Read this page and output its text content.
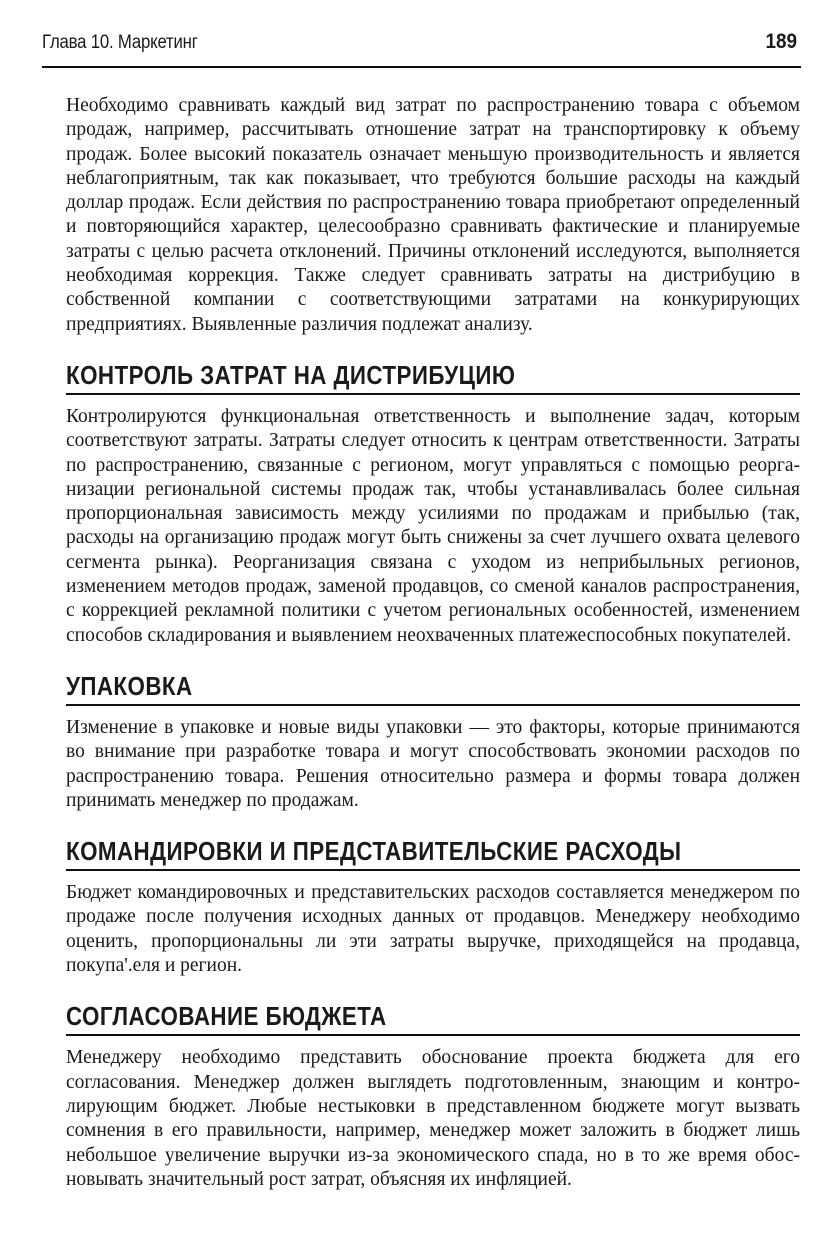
Глава 10. Маркетинг	189

Необходимо сравнивать каждый вид затрат по распространению товара с объемом продаж, например, рассчитывать отношение затрат на транспортировку к объему продаж. Более высокий показатель означает меньшую производительность и является неблагоприятным, так как показывает, что требуются большие расходы на каждый доллар продаж. Если действия по распространению товара приобретают определенный и повторяющийся характер, целесообразно сравнивать фактические и планируемые затраты с целью расчета отклонений. Причины отклонений исследуются, выполняется необходимая коррекция. Также следует сравнивать затраты на дистрибуцию в собственной компании с соответствующими затратами на конкурирующих предприятиях. Выявленные различия подлежат анализу.

КОНТРОЛЬ ЗАТРАТ НА ДИСТРИБУЦИЮ

Контролируются функциональная ответственность и выполнение задач, которым соответствуют затраты. Затраты следует относить к центрам ответственности. Затраты по распространению, связанные с регионом, могут управляться с помощью реорганизации региональной системы продаж так, чтобы устанавливалась более сильная пропорциональная зависимость между усилиями по продажам и прибылью (так, расходы на организацию продаж могут быть снижены за счет лучшего охвата целевого сегмента рынка). Реорганизация связана с уходом из неприбыльных регионов, изменением методов продаж, заменой продавцов, со сменой каналов распространения, с коррекцией рекламной политики с учетом региональных особенностей, изменением способов складирования и выявлением неохваченных платежеспособных покупателей.

УПАКОВКА

Изменение в упаковке и новые виды упаковки — это факторы, которые принимаются во внимание при разработке товара и могут способствовать экономии расходов по распространению товара. Решения относительно размера и формы товара должен принимать менеджер по продажам.

КОМАНДИРОВКИ И ПРЕДСТАВИТЕЛЬСКИЕ РАСХОДЫ

Бюджет командировочных и представительских расходов составляется менеджером по продаже после получения исходных данных от продавцов. Менеджеру необходимо оценить, пропорциональны ли эти затраты выручке, приходящейся на продавца, покупа'.еля и регион.

СОГЛАСОВАНИЕ БЮДЖЕТА

Менеджеру необходимо представить обоснование проекта бюджета для его согласования. Менеджер должен выглядеть подготовленным, знающим и контролирующим бюджет. Любые нестыковки в представленном бюджете могут вызвать сомнения в его правильности, например, менеджер может заложить в бюджет лишь небольшое увеличение выручки из-за экономического спада, но в то же время обосновывать значительный рост затрат, объясняя их инфляцией.
